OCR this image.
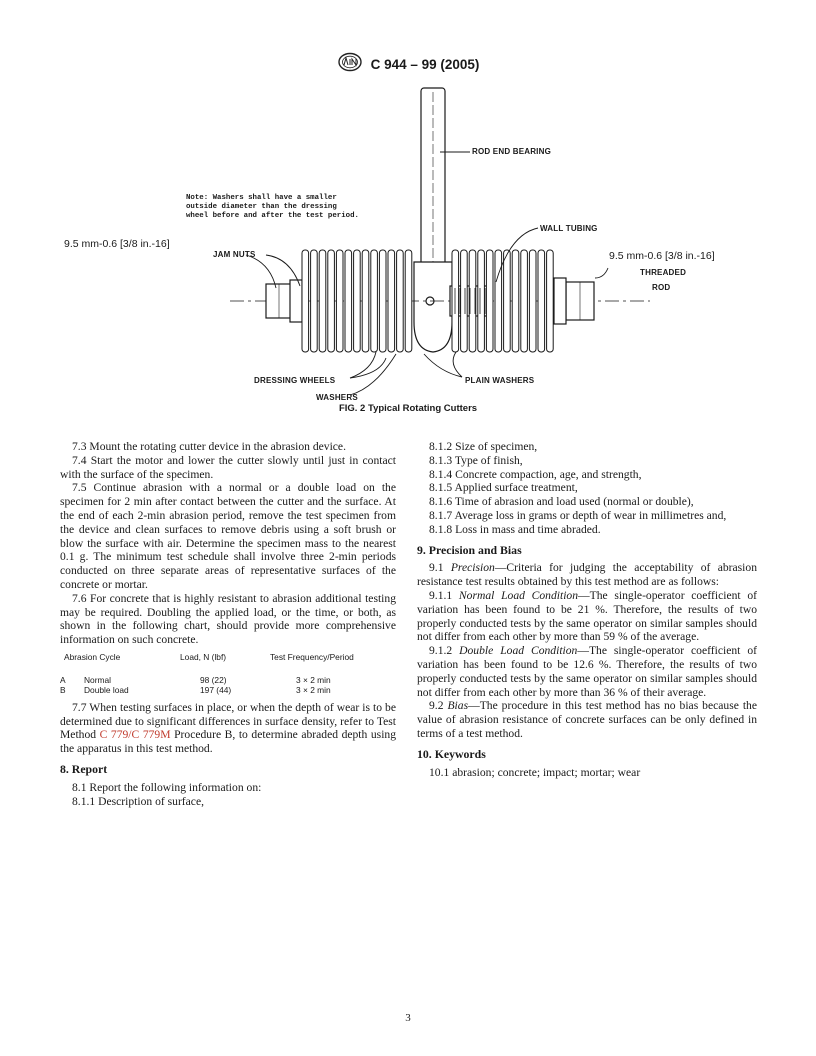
C 944 – 99 (2005)
Note: Washers shall have a smaller
outside diameter than the dressing
wheel before and after the test period.
ROD END BEARING
WALL TUBING
9.5 mm-0.6 [3/8 in.-16]
JAM NUTS	9.5 mm-0.6 [3/8 in.-16]
THREADED
ROD
DRESSING WHEELS	PLAIN WASHERS
WASHERS
FIG. 2 Typical Rotating Cutters

7.3 Mount the rotating cutter device in the abrasion device.

7.4 Start the motor and lower the cutter slowly until just in contact with the surface of the specimen.

7.5 Continue abrasion with a normal or a double load on the specimen for 2 min after contact between the cutter and the surface. At the end of each 2-min abrasion period, remove the test specimen from the device and clean surfaces to remove debris using a soft brush or blow the surface with air. Determine the specimen mass to the nearest 0.1 g. The minimum test schedule shall involve three 2-min periods conducted on three separate areas of representative surfaces of the concrete or mortar.

7.6 For concrete that is highly resistant to abrasion additional testing may be required. Doubling the applied load, or the time, or both, as shown in the following chart, should provide more comprehensive information on such concrete.

Abrasion Cycle	Load, N (lbf)	Test Frequency/Period
A Normal	98 (22)	3 × 2 min
B Double load	197 (44)	3 × 2 min

7.7 When testing surfaces in place, or when the depth of wear is to be determined due to significant differences in surface density, refer to Test Method C 779/C 779M Procedure B, to determine abraded depth using the apparatus in this test method.

8. Report

8.1 Report the following information on:

8.1.1 Description of surface,

8.1.2 Size of specimen,

8.1.3 Type of finish,

8.1.4 Concrete compaction, age, and strength,

8.1.5 Applied surface treatment,

8.1.6 Time of abrasion and load used (normal or double),

8.1.7 Average loss in grams or depth of wear in millimetres and,

8.1.8 Loss in mass and time abraded.

9. Precision and Bias

9.1 Precision—Criteria for judging the acceptability of abrasion resistance test results obtained by this test method are as follows:

9.1.1 Normal Load Condition—The single-operator coefficient of variation has been found to be 21 %. Therefore, the results of two properly conducted tests by the same operator on similar samples should not differ from each other by more than 59 % of the average.

9.1.2 Double Load Condition—The single-operator coefficient of variation has been found to be 12.6 %. Therefore, the results of two properly conducted tests by the same operator on similar samples should not differ from each other by more than 36 % of their average.

9.2 Bias—The procedure in this test method has no bias because the value of abrasion resistance of concrete surfaces can be only defined in terms of a test method.

10. Keywords

10.1 abrasion; concrete; impact; mortar; wear

3
